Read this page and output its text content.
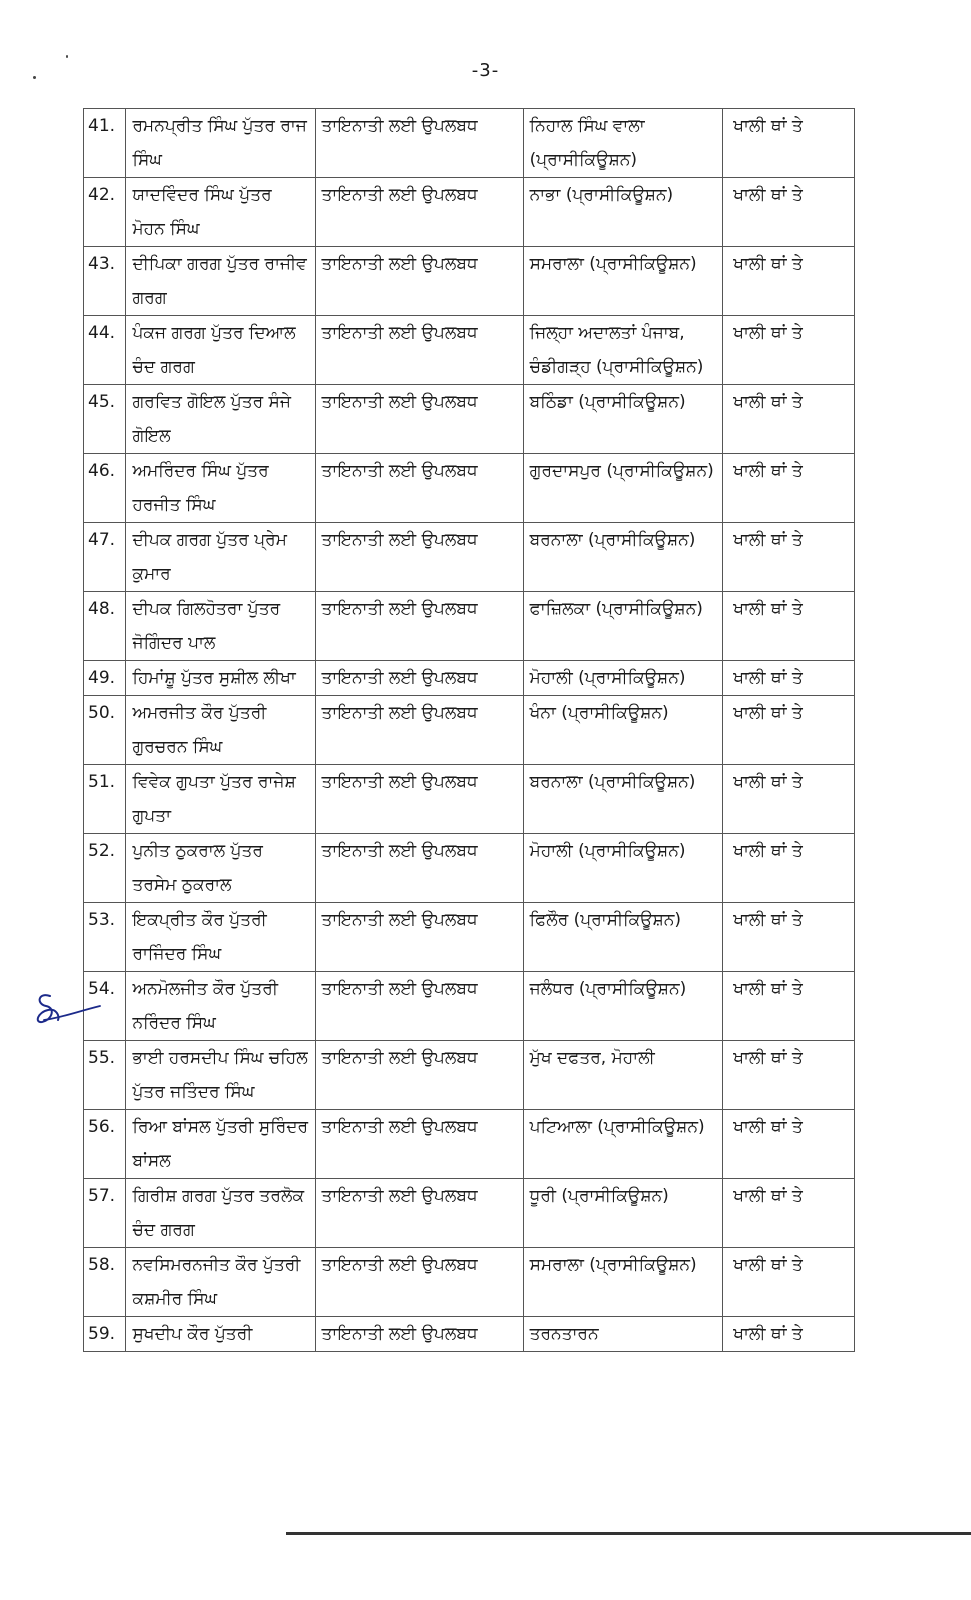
-3-
41.	ਰਮਨਪ੍ਰੀਤ ਸਿੰਘ ਪੁੱਤਰ ਰਾਜ ਸਿੰਘ	ਤਾਇਨਾਤੀ ਲਈ ਉਪਲਬਧ	ਨਿਹਾਲ ਸਿੰਘ ਵਾਲਾ (ਪ੍ਰਾਸੀਕਿਊਸ਼ਨ)	ਖਾਲੀ ਥਾਂ ਤੇ
42.	ਯਾਦਵਿੰਦਰ ਸਿੰਘ ਪੁੱਤਰ ਮੋਹਨ ਸਿੰਘ	ਤਾਇਨਾਤੀ ਲਈ ਉਪਲਬਧ	ਨਾਭਾ (ਪ੍ਰਾਸੀਕਿਊਸ਼ਨ)	ਖਾਲੀ ਥਾਂ ਤੇ
43.	ਦੀਪਿਕਾ ਗਰਗ ਪੁੱਤਰ ਰਾਜੀਵ ਗਰਗ	ਤਾਇਨਾਤੀ ਲਈ ਉਪਲਬਧ	ਸਮਰਾਲਾ (ਪ੍ਰਾਸੀਕਿਊਸ਼ਨ)	ਖਾਲੀ ਥਾਂ ਤੇ
44.	ਪੰਕਜ ਗਰਗ ਪੁੱਤਰ ਦਿਆਲ ਚੰਦ ਗਰਗ	ਤਾਇਨਾਤੀ ਲਈ ਉਪਲਬਧ	ਜਿਲ੍ਹਾ ਅਦਾਲਤਾਂ ਪੰਜਾਬ, ਚੰਡੀਗੜ੍ਹ (ਪ੍ਰਾਸੀਕਿਊਸ਼ਨ)	ਖਾਲੀ ਥਾਂ ਤੇ
45.	ਗਰਵਿਤ ਗੋਇਲ ਪੁੱਤਰ ਸੰਜੇ ਗੋਇਲ	ਤਾਇਨਾਤੀ ਲਈ ਉਪਲਬਧ	ਬਠਿੰਡਾ (ਪ੍ਰਾਸੀਕਿਊਸ਼ਨ)	ਖਾਲੀ ਥਾਂ ਤੇ
46.	ਅਮਰਿੰਦਰ ਸਿੰਘ ਪੁੱਤਰ ਹਰਜੀਤ ਸਿੰਘ	ਤਾਇਨਾਤੀ ਲਈ ਉਪਲਬਧ	ਗੁਰਦਾਸਪੁਰ (ਪ੍ਰਾਸੀਕਿਊਸ਼ਨ)	ਖਾਲੀ ਥਾਂ ਤੇ
47.	ਦੀਪਕ ਗਰਗ ਪੁੱਤਰ ਪ੍ਰੇਮ ਕੁਮਾਰ	ਤਾਇਨਾਤੀ ਲਈ ਉਪਲਬਧ	ਬਰਨਾਲਾ (ਪ੍ਰਾਸੀਕਿਊਸ਼ਨ)	ਖਾਲੀ ਥਾਂ ਤੇ
48.	ਦੀਪਕ ਗਿਲਹੋਤਰਾ ਪੁੱਤਰ ਜੋਗਿੰਦਰ ਪਾਲ	ਤਾਇਨਾਤੀ ਲਈ ਉਪਲਬਧ	ਫਾਜ਼ਿਲਕਾ (ਪ੍ਰਾਸੀਕਿਊਸ਼ਨ)	ਖਾਲੀ ਥਾਂ ਤੇ
49.	ਹਿਮਾਂਸ਼ੂ ਪੁੱਤਰ ਸੁਸ਼ੀਲ ਲੀਖਾ	ਤਾਇਨਾਤੀ ਲਈ ਉਪਲਬਧ	ਮੋਹਾਲੀ (ਪ੍ਰਾਸੀਕਿਊਸ਼ਨ)	ਖਾਲੀ ਥਾਂ ਤੇ
50.	ਅਮਰਜੀਤ ਕੌਰ ਪੁੱਤਰੀ ਗੁਰਚਰਨ ਸਿੰਘ	ਤਾਇਨਾਤੀ ਲਈ ਉਪਲਬਧ	ਖੰਨਾ (ਪ੍ਰਾਸੀਕਿਊਸ਼ਨ)	ਖਾਲੀ ਥਾਂ ਤੇ
51.	ਵਿਵੇਕ ਗੁਪਤਾ ਪੁੱਤਰ ਰਾਜੇਸ਼ ਗੁਪਤਾ	ਤਾਇਨਾਤੀ ਲਈ ਉਪਲਬਧ	ਬਰਨਾਲਾ (ਪ੍ਰਾਸੀਕਿਊਸ਼ਨ)	ਖਾਲੀ ਥਾਂ ਤੇ
52.	ਪੁਨੀਤ ਠੁਕਰਾਲ ਪੁੱਤਰ ਤਰਸੇਮ ਠੁਕਰਾਲ	ਤਾਇਨਾਤੀ ਲਈ ਉਪਲਬਧ	ਮੋਹਾਲੀ (ਪ੍ਰਾਸੀਕਿਊਸ਼ਨ)	ਖਾਲੀ ਥਾਂ ਤੇ
53.	ਇਕਪ੍ਰੀਤ ਕੌਰ ਪੁੱਤਰੀ ਰਾਜਿੰਦਰ ਸਿੰਘ	ਤਾਇਨਾਤੀ ਲਈ ਉਪਲਬਧ	ਫਿਲੌਰ (ਪ੍ਰਾਸੀਕਿਊਸ਼ਨ)	ਖਾਲੀ ਥਾਂ ਤੇ
54.	ਅਨਮੋਲਜੀਤ ਕੌਰ ਪੁੱਤਰੀ ਨਰਿੰਦਰ ਸਿੰਘ	ਤਾਇਨਾਤੀ ਲਈ ਉਪਲਬਧ	ਜਲੰਧਰ (ਪ੍ਰਾਸੀਕਿਊਸ਼ਨ)	ਖਾਲੀ ਥਾਂ ਤੇ
55.	ਭਾਈ ਹਰਸਦੀਪ ਸਿੰਘ ਚਹਿਲ ਪੁੱਤਰ ਜਤਿੰਦਰ ਸਿੰਘ	ਤਾਇਨਾਤੀ ਲਈ ਉਪਲਬਧ	ਮੁੱਖ ਦਫਤਰ, ਮੋਹਾਲੀ	ਖਾਲੀ ਥਾਂ ਤੇ
56.	ਰਿਆ ਬਾਂਸਲ ਪੁੱਤਰੀ ਸੁਰਿੰਦਰ ਬਾਂਸਲ	ਤਾਇਨਾਤੀ ਲਈ ਉਪਲਬਧ	ਪਟਿਆਲਾ (ਪ੍ਰਾਸੀਕਿਊਸ਼ਨ)	ਖਾਲੀ ਥਾਂ ਤੇ
57.	ਗਿਰੀਸ਼ ਗਰਗ ਪੁੱਤਰ ਤਰਲੋਕ ਚੰਦ ਗਰਗ	ਤਾਇਨਾਤੀ ਲਈ ਉਪਲਬਧ	ਧੂਰੀ (ਪ੍ਰਾਸੀਕਿਊਸ਼ਨ)	ਖਾਲੀ ਥਾਂ ਤੇ
58.	ਨਵਸਿਮਰਨਜੀਤ ਕੌਰ ਪੁੱਤਰੀ ਕਸ਼ਮੀਰ ਸਿੰਘ	ਤਾਇਨਾਤੀ ਲਈ ਉਪਲਬਧ	ਸਮਰਾਲਾ (ਪ੍ਰਾਸੀਕਿਊਸ਼ਨ)	ਖਾਲੀ ਥਾਂ ਤੇ
59.	ਸੁਖਦੀਪ ਕੌਰ ਪੁੱਤਰੀ	ਤਾਇਨਾਤੀ ਲਈ ਉਪਲਬਧ	ਤਰਨਤਾਰਨ	ਖਾਲੀ ਥਾਂ ਤੇ
